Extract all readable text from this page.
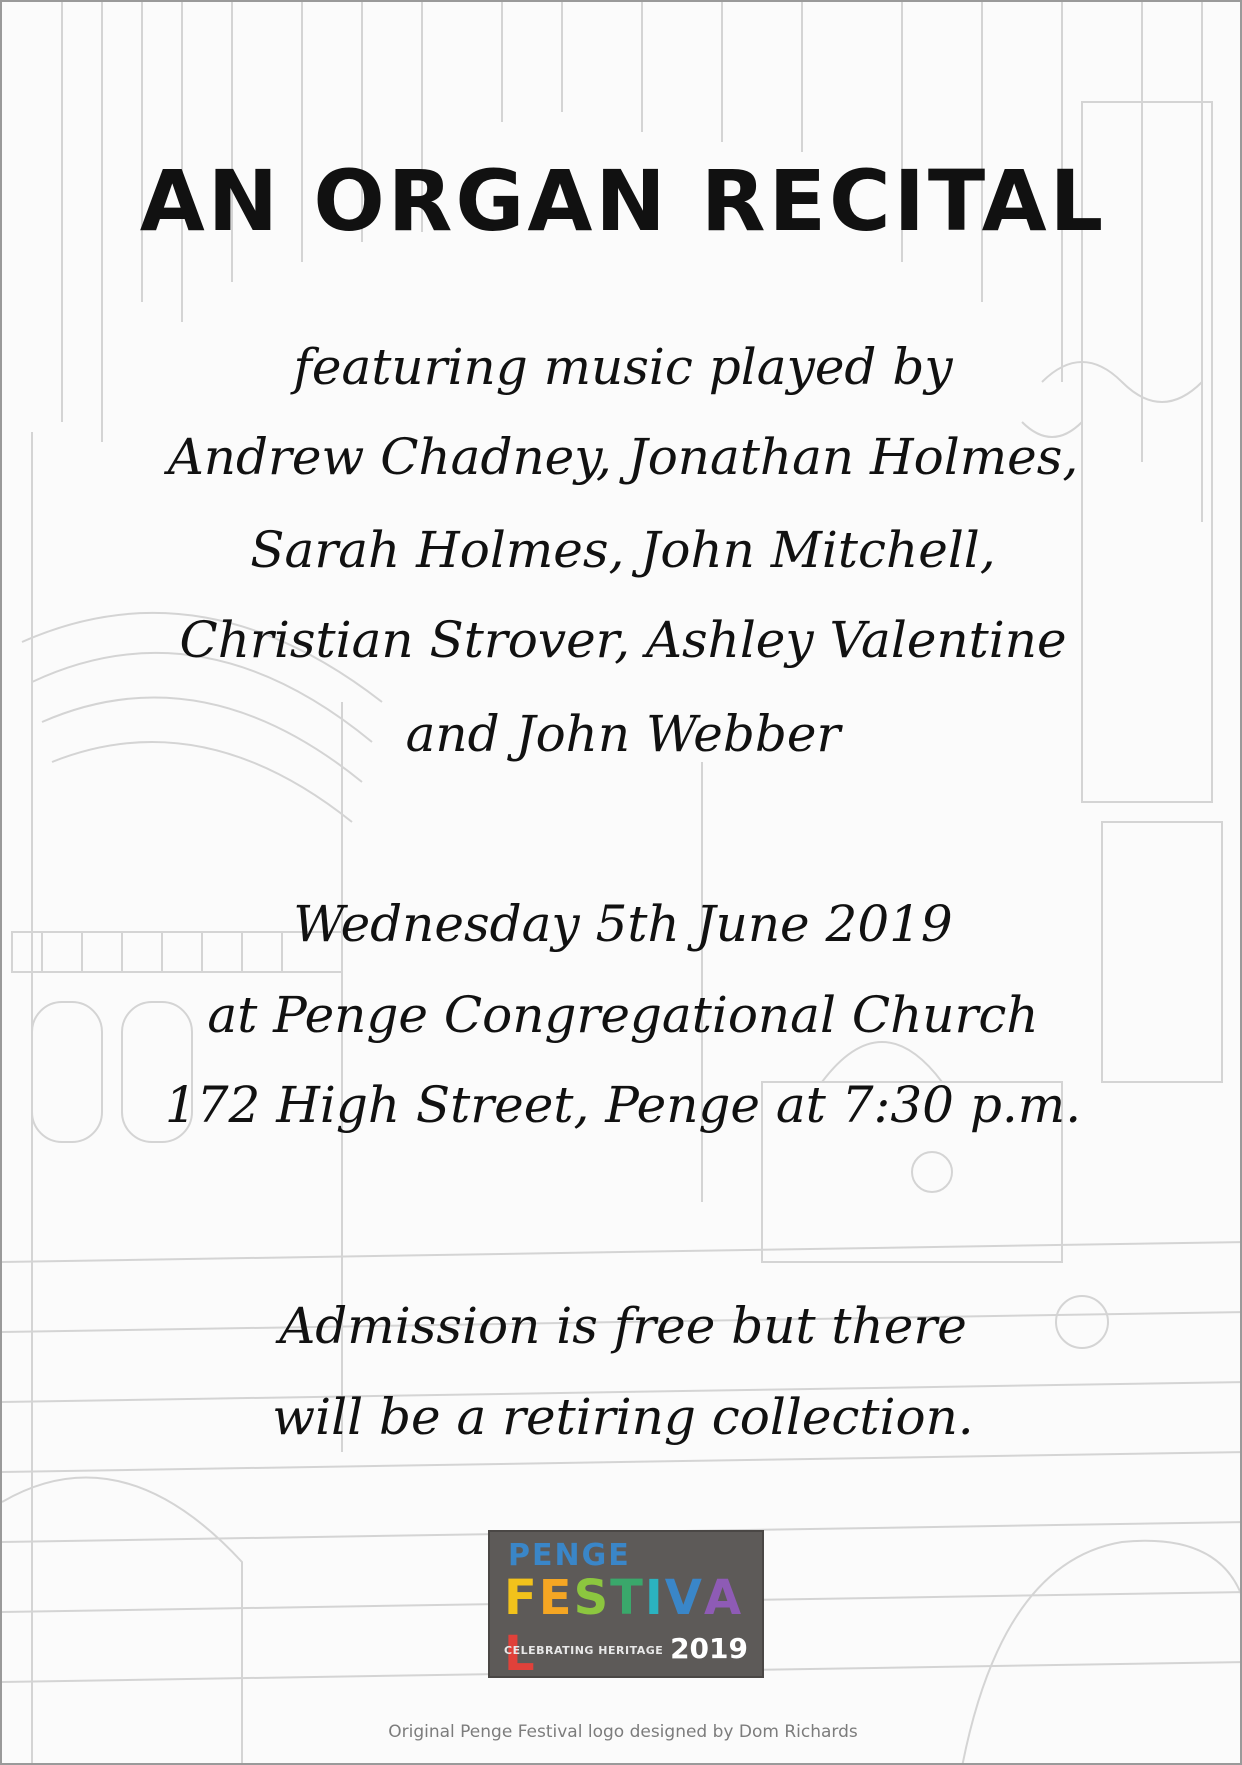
AN ORGAN RECITAL
featuring music played by
Andrew Chadney, Jonathan Holmes,
Sarah Holmes, John Mitchell,
Christian Strover, Ashley Valentine
and John Webber
Wednesday 5th June 2019
at Penge Congregational Church
172 High Street, Penge at 7:30 p.m.
Admission is free but there
will be a retiring collection.
PENGE
FESTIVAL
CELEBRATING HERITAGE 2019
Original Penge Festival logo designed by Dom Richards
